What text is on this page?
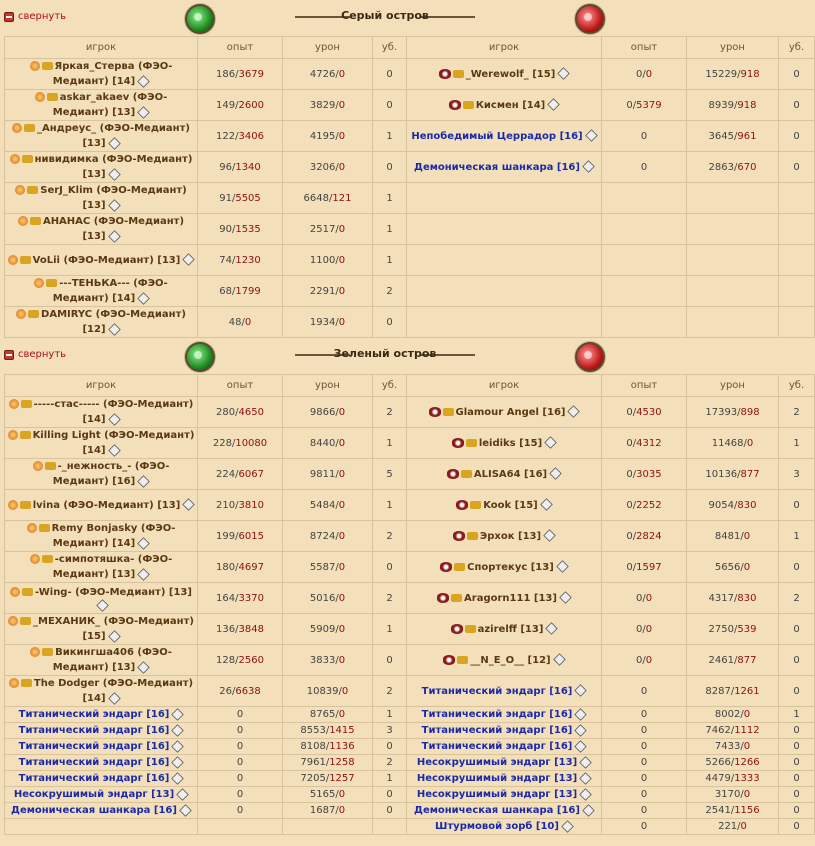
свернуть	Серый остров
игрок	опыт	урон	уб.	игрок	опыт	урон	уб.
Яркая_Стерва (ФЭО-Медиант) [14]	186/3679	4726/0	0	_Werewolf_ [15]	0/0	15229/918	0
askar_akaev (ФЭО-Медиант) [13]	149/2600	3829/0	0	Кисмен [14]	0/5379	8939/918	0
_Андреус_ (ФЭО-Медиант) [13]	122/3406	4195/0	1	Непобедимый Церрадор [16]	0	3645/961	0
нивидимка (ФЭО-Медиант) [13]	96/1340	3206/0	0	Демоническая шанкара [16]	0	2863/670	0
SerJ_Klim (ФЭО-Медиант) [13]	91/5505	6648/121	1				
АНАНАС (ФЭО-Медиант) [13]	90/1535	2517/0	1				
VoLii (ФЭО-Медиант) [13]	74/1230	1100/0	1				
---ТЕНЬКА--- (ФЭО-Медиант) [14]	68/1799	2291/0	2				
DAMIRYC (ФЭО-Медиант) [12]	48/0	1934/0	0				
свернуть	Зеленый остров
игрок	опыт	урон	уб.	игрок	опыт	урон	уб.
-----стас----- (ФЭО-Медиант) [14]	280/4650	9866/0	2	Glamour Angel [16]	0/4530	17393/898	2
Killing Light (ФЭО-Медиант) [14]	228/10080	8440/0	1	leidiks [15]	0/4312	11468/0	1
-_нежность_- (ФЭО-Медиант) [16]	224/6067	9811/0	5	ALISA64 [16]	0/3035	10136/877	3
lvina (ФЭО-Медиант) [13]	210/3810	5484/0	1	Kook [15]	0/2252	9054/830	0
Remy Bonjasky (ФЭО-Медиант) [14]	199/6015	8724/0	2	Эрхок [13]	0/2824	8481/0	1
-симпотяшка- (ФЭО-Медиант) [13]	180/4697	5587/0	0	Спортекус [13]	0/1597	5656/0	0
-Wing- (ФЭО-Медиант) [13]	164/3370	5016/0	2	Aragorn111 [13]	0/0	4317/830	2
_МЕХАНИК_ (ФЭО-Медиант) [15]	136/3848	5909/0	1	azirelff [13]	0/0	2750/539	0
Викингша406 (ФЭО-Медиант) [13]	128/2560	3833/0	0	__N_E_O__ [12]	0/0	2461/877	0
The Dodger (ФЭО-Медиант) [14]	26/6638	10839/0	2	Титанический эндарг [16]	0	8287/1261	0
Титанический эндарг [16]	0	8765/0	1	Титанический эндарг [16]	0	8002/0	1
Титанический эндарг [16]	0	8553/1415	3	Титанический эндарг [16]	0	7462/1112	0
Титанический эндарг [16]	0	8108/1136	0	Титанический эндарг [16]	0	7433/0	0
Титанический эндарг [16]	0	7961/1258	2	Несокрушимый эндарг [13]	0	5266/1266	0
Титанический эндарг [16]	0	7205/1257	1	Несокрушимый эндарг [13]	0	4479/1333	0
Несокрушимый эндарг [13]	0	5165/0	0	Несокрушимый эндарг [13]	0	3170/0	0
Демоническая шанкара [16]	0	1687/0	0	Демоническая шанкара [16]	0	2541/1156	0
				Штурмовой зорб [10]	0	221/0	0
